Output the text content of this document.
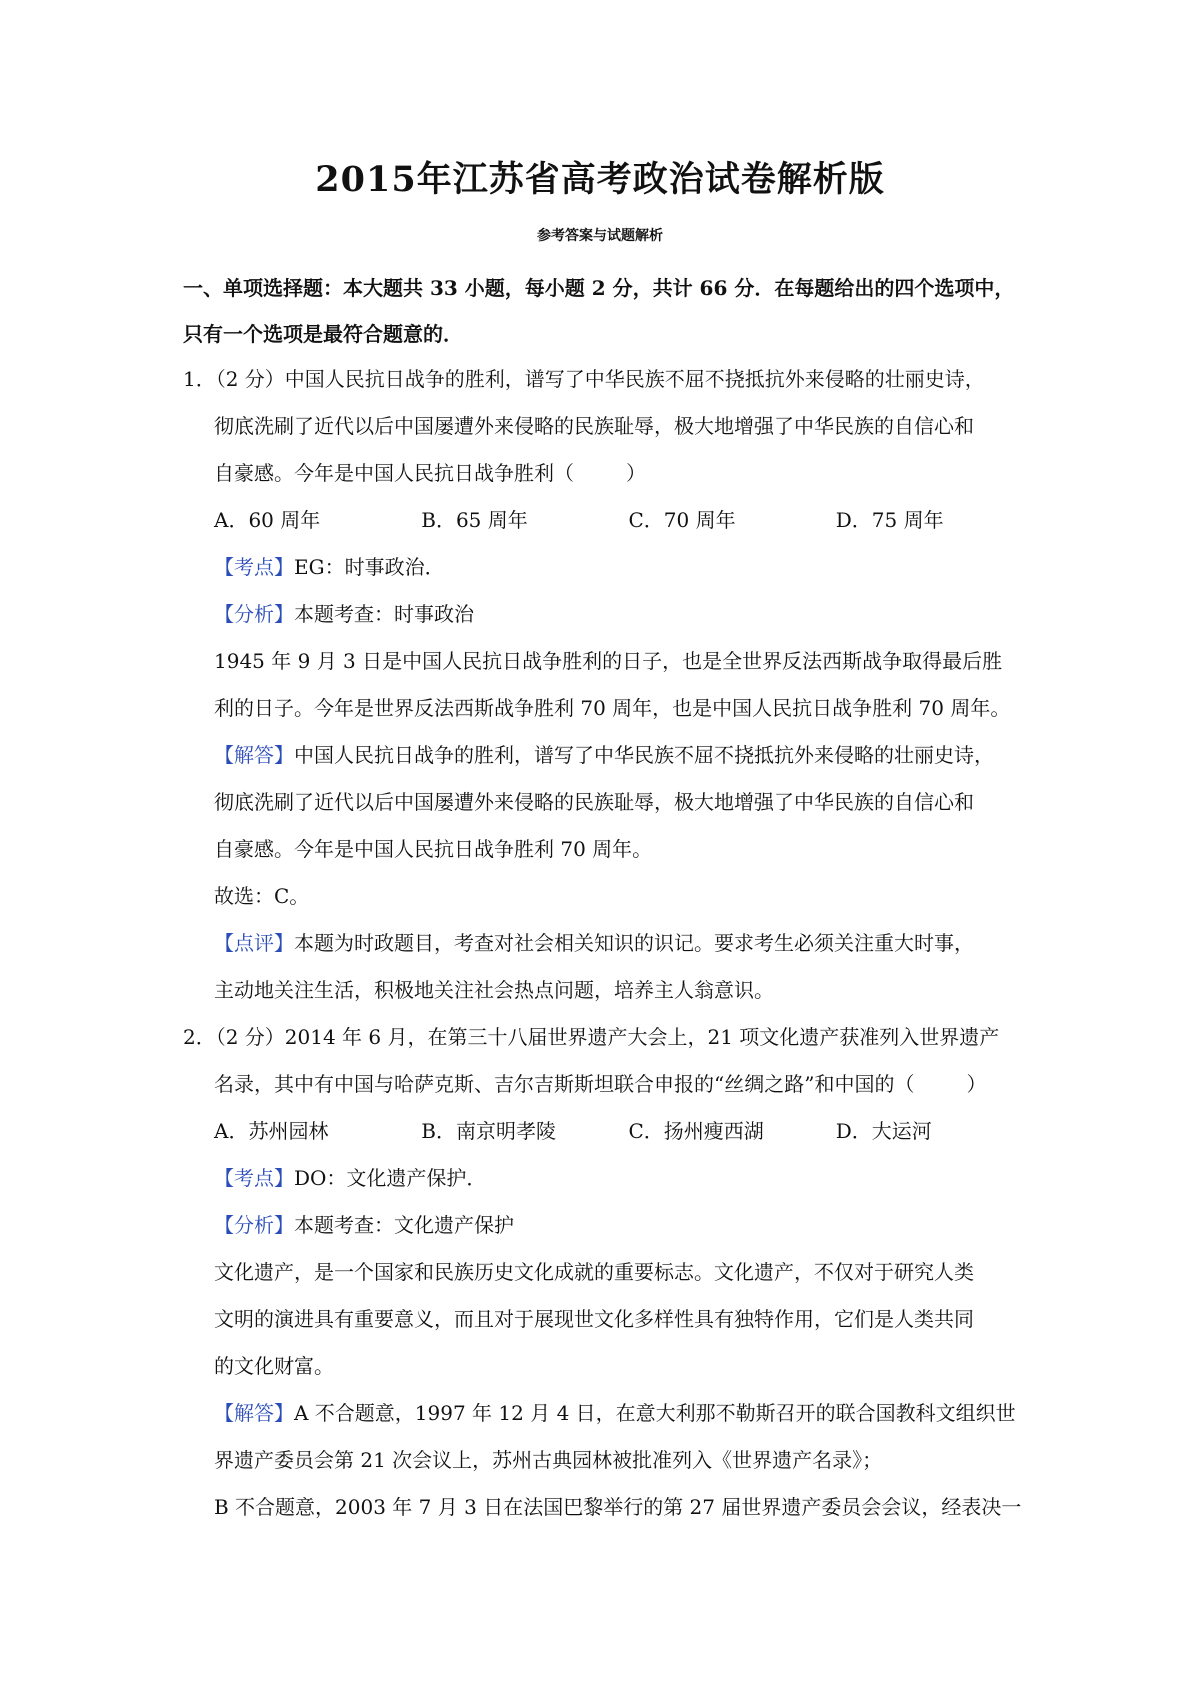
2015年江苏省高考政治试卷解析版
参考答案与试题解析
一、单项选择题：本大题共 33 小题，每小题 2 分，共计 66 分．在每题给出的四个选项中，
只有一个选项是最符合题意的．
1．（2 分）中国人民抗日战争的胜利，谱写了中华民族不屈不挠抵抗外来侵略的壮丽史诗，
彻底洗刷了近代以后中国屡遭外来侵略的民族耻辱，极大地增强了中华民族的自信心和
自豪感。今年是中国人民抗日战争胜利（	）
A．60 周年	B．65 周年	C．70 周年	D．75 周年
【考点】EG：时事政治．
【分析】本题考查：时事政治
1945 年 9 月 3 日是中国人民抗日战争胜利的日子，也是全世界反法西斯战争取得最后胜
利的日子。今年是世界反法西斯战争胜利 70 周年，也是中国人民抗日战争胜利 70 周年。
【解答】中国人民抗日战争的胜利，谱写了中华民族不屈不挠抵抗外来侵略的壮丽史诗，
彻底洗刷了近代以后中国屡遭外来侵略的民族耻辱，极大地增强了中华民族的自信心和
自豪感。今年是中国人民抗日战争胜利 70 周年。
故选：C。
【点评】本题为时政题目，考查对社会相关知识的识记。要求考生必须关注重大时事，
主动地关注生活，积极地关注社会热点问题，培养主人翁意识。
2．（2 分）2014 年 6 月，在第三十八届世界遗产大会上，21 项文化遗产获准列入世界遗产
名录，其中有中国与哈萨克斯、吉尔吉斯斯坦联合申报的“丝绸之路”和中国的（	）
A．苏州园林	B．南京明孝陵	C．扬州瘦西湖	D．大运河
【考点】DO：文化遗产保护．
【分析】本题考查：文化遗产保护
文化遗产，是一个国家和民族历史文化成就的重要标志。文化遗产，不仅对于研究人类
文明的演进具有重要意义，而且对于展现世文化多样性具有独特作用，它们是人类共同
的文化财富。
【解答】A 不合题意，1997 年 12 月 4 日，在意大利那不勒斯召开的联合国教科文组织世
界遗产委员会第 21 次会议上，苏州古典园林被批准列入《世界遗产名录》；
B 不合题意，2003 年 7 月 3 日在法国巴黎举行的第 27 届世界遗产委员会会议，经表决一
